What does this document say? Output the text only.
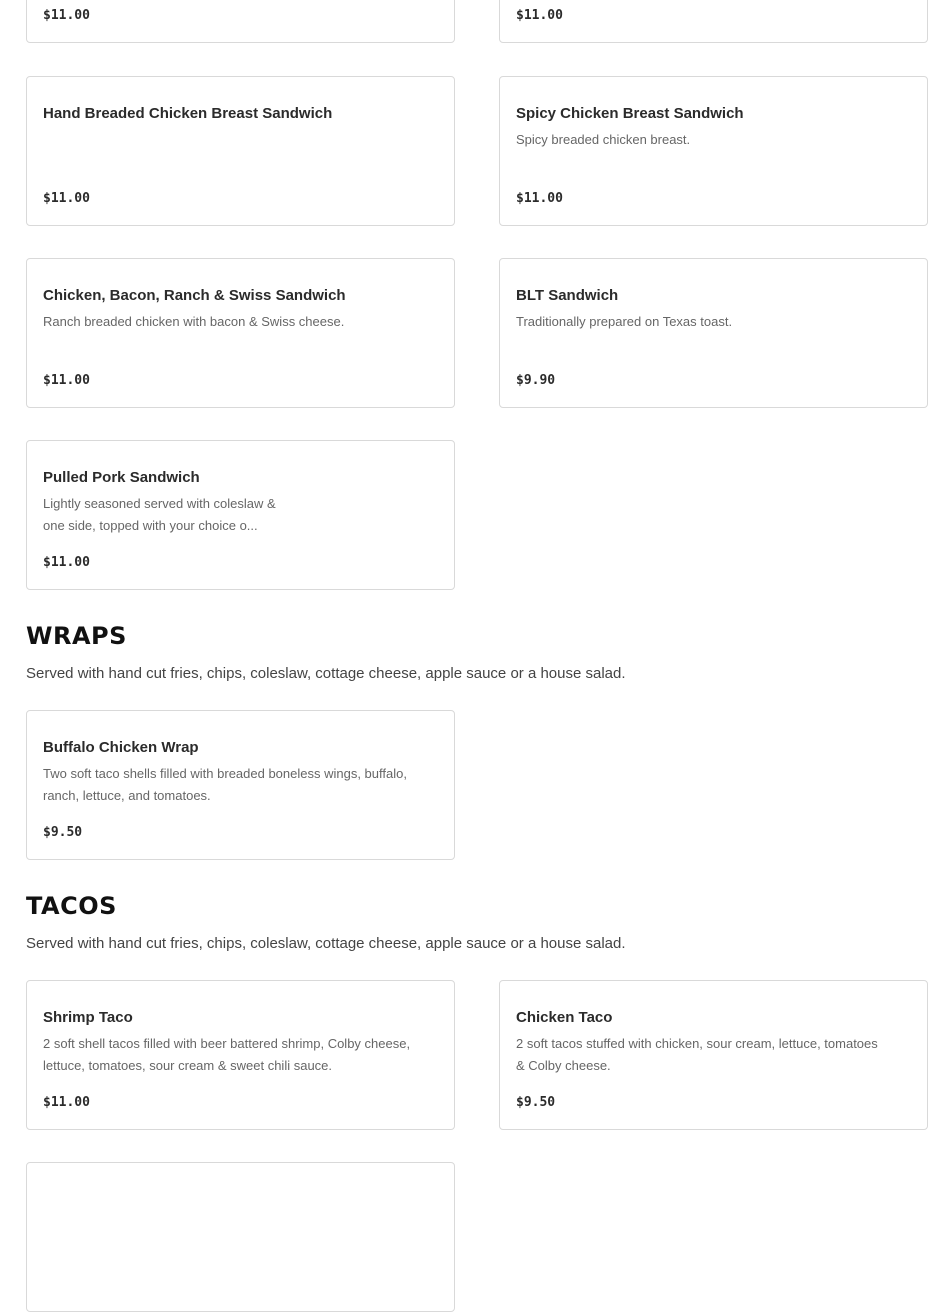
$11.00	$11.00
Hand Breaded Chicken Breast Sandwich
$11.00
Spicy Chicken Breast Sandwich
Spicy breaded chicken breast.
$11.00
Chicken, Bacon, Ranch & Swiss Sandwich
Ranch breaded chicken with bacon & Swiss cheese.
$11.00
BLT Sandwich
Traditionally prepared on Texas toast.
$9.90
Pulled Pork Sandwich
Lightly seasoned served with coleslaw & one side, topped with your choice o...
$11.00
WRAPS

Served with hand cut fries, chips, coleslaw, cottage cheese, apple sauce or a house salad.

Buffalo Chicken Wrap
Two soft taco shells filled with breaded boneless wings, buffalo, ranch, lettuce, and tomatoes.
$9.50
TACOS

Served with hand cut fries, chips, coleslaw, cottage cheese, apple sauce or a house salad.

Shrimp Taco
2 soft shell tacos filled with beer battered shrimp, Colby cheese, lettuce, tomatoes, sour cream & sweet chili sauce.
$11.00
Chicken Taco
2 soft tacos stuffed with chicken, sour cream, lettuce, tomatoes & Colby cheese.
$9.50
